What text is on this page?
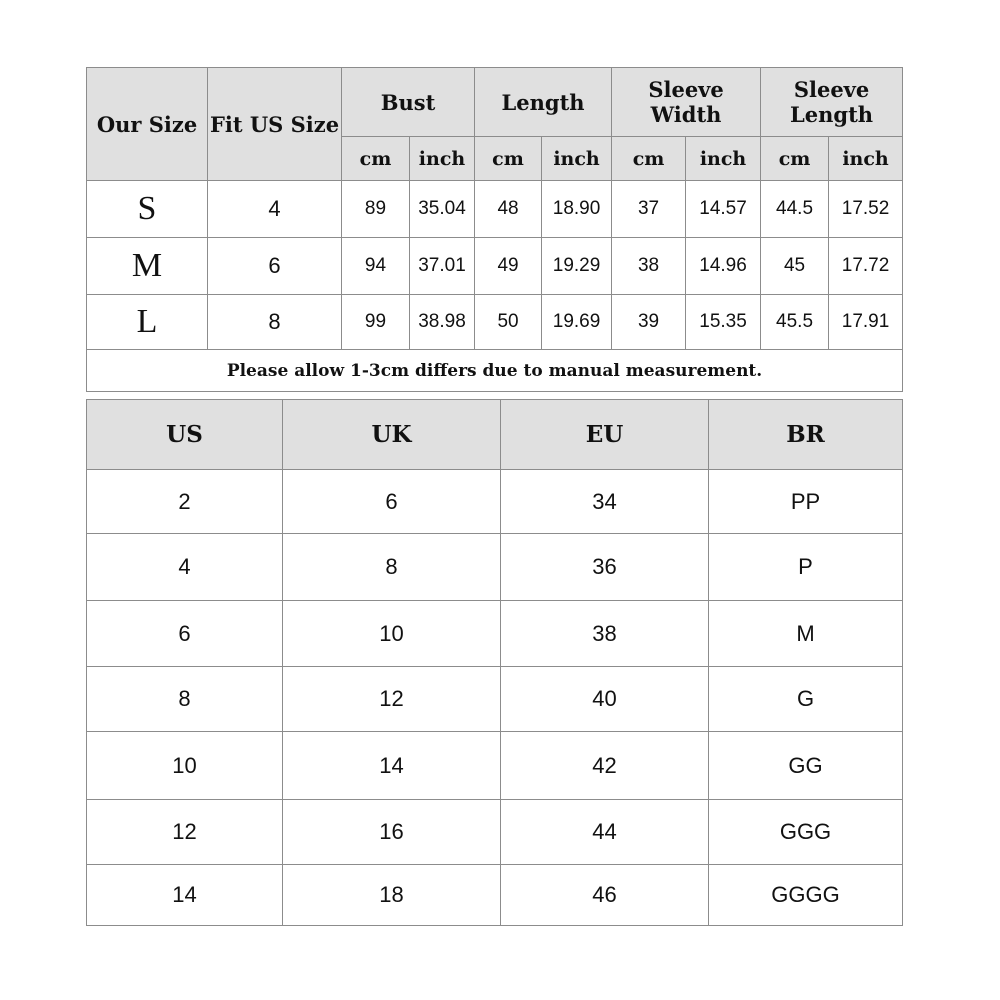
Our Size	Fit US Size	Bust		Length		Sleeve Width		Sleeve Length	
		cm	inch	cm	inch	cm	inch	cm	inch
S	4	89	35.04	48	18.90	37	14.57	44.5	17.52
M	6	94	37.01	49	19.29	38	14.96	45	17.72
L	8	99	38.98	50	19.69	39	15.35	45.5	17.91
Please allow 1-3cm differs due to manual measurement.									
US	UK	EU	BR
2	6	34	PP
4	8	36	P
6	10	38	M
8	12	40	G
10	14	42	GG
12	16	44	GGG
14	18	46	GGGG
